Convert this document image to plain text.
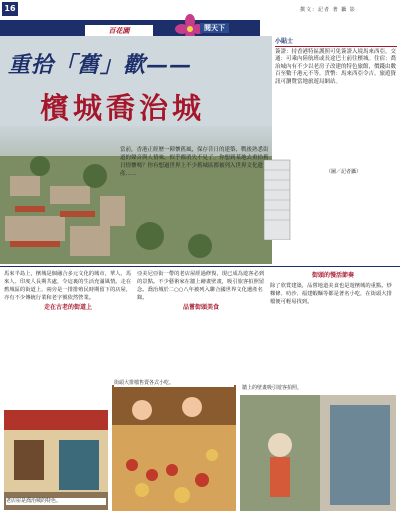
16	撰文：記者 著 攝 影
百花園	閱天下
重拾「舊」歡——
檳城喬治城
當前，香港正經歷一陣懷舊風，保存昔日的建築、戰後熟悉街道的聲音與人情味，似乎都消失不見了。你想到某地去重拾舊日情懷嗎？你有想過世界上不少舊城區都被列入世界文化遺產……
小貼士
簽證：持香港特區護照可免簽證入境馬來西亞。交通：可乘內陸航班或長途巴士前往檳城。住宿：喬治城內有不少以老房子改建的特色旅館，價錢由數百至數千港元不等。貨幣：馬來西亞令吉。旅遊資訊可瀏覽當地旅遊局網站。
（圖／記者攝）
馬來半島上，檳城是個融合多元文化的城市，華人、馬來人、印度人長期共處，令這裏的生活充滿風情。走在舊城區的街道上，兩旁是一排排殖民時期留下的店屋，亦有不少傳統行業和老字號依然營業。
走在古老的街道上
亞美尼亞街一帶的老店屋經過修復，現已成為遊客必到的景點。不少藝術家在牆上繪畫壁畫，吸引旅客拍照留念。喬治城於二○○八年被列入聯合國世界文化遺產名錄。
品嘗街頭美食
街頭的慢活節奏
除了欣賞建築，品嘗地道美食也是遊檳城的重點。炒粿條、叻沙、福建蝦麵等都是著名小吃，在街頭大排檔便可輕易找到。
老店屋是喬治城的特色。
街頭大排檔售賣各式小吃。
牆上的壁畫吸引遊客拍照。
